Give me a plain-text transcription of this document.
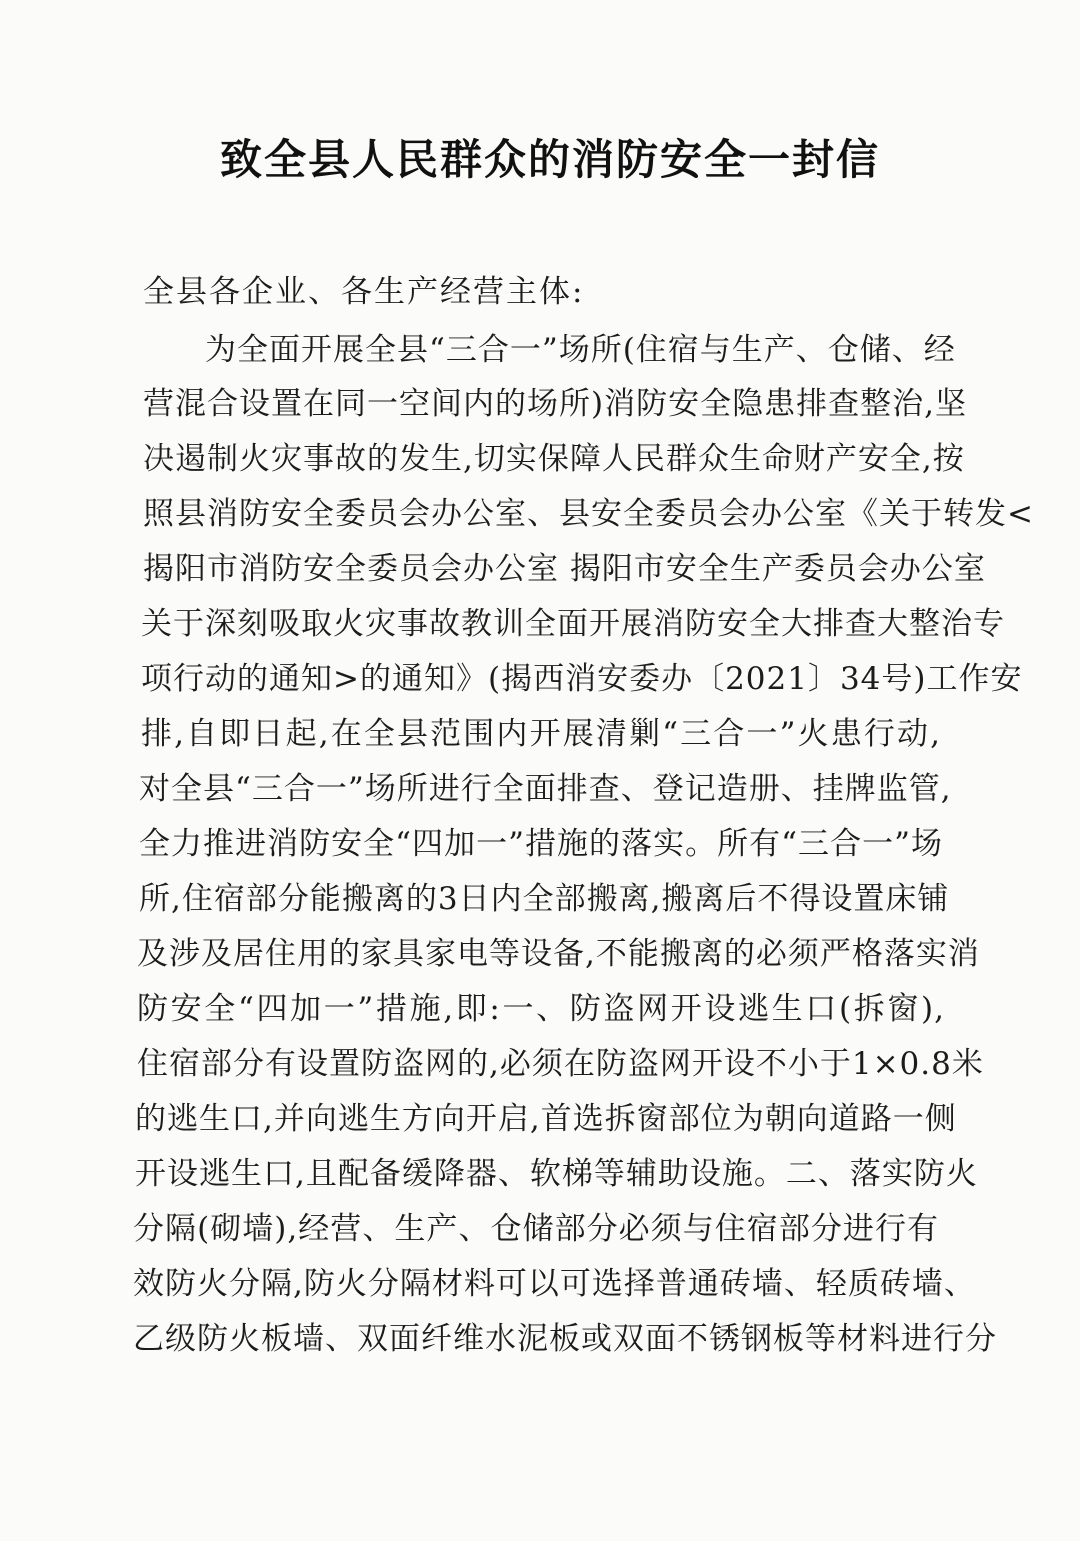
致全县人民群众的消防安全一封信
全县各企业、各生产经营主体:
为全面开展全县“三合一”场所(住宿与生产、仓储、经
营混合设置在同一空间内的场所)消防安全隐患排查整治,坚
决遏制火灾事故的发生,切实保障人民群众生命财产安全,按
照县消防安全委员会办公室、县安全委员会办公室《关于转发<
揭阳市消防安全委员会办公室 揭阳市安全生产委员会办公室
关于深刻吸取火灾事故教训全面开展消防安全大排查大整治专
项行动的通知>的通知》(揭西消安委办〔2021〕34号)工作安
排,自即日起,在全县范围内开展清剿“三合一”火患行动,
对全县“三合一”场所进行全面排查、登记造册、挂牌监管,
全力推进消防安全“四加一”措施的落实。所有“三合一”场
所,住宿部分能搬离的3日内全部搬离,搬离后不得设置床铺
及涉及居住用的家具家电等设备,不能搬离的必须严格落实消
防安全“四加一”措施,即:一、防盗网开设逃生口(拆窗),
住宿部分有设置防盗网的,必须在防盗网开设不小于1×0.8米
的逃生口,并向逃生方向开启,首选拆窗部位为朝向道路一侧
开设逃生口,且配备缓降器、软梯等辅助设施。二、落实防火
分隔(砌墙),经营、生产、仓储部分必须与住宿部分进行有
效防火分隔,防火分隔材料可以可选择普通砖墙、轻质砖墙、
乙级防火板墙、双面纤维水泥板或双面不锈钢板等材料进行分
